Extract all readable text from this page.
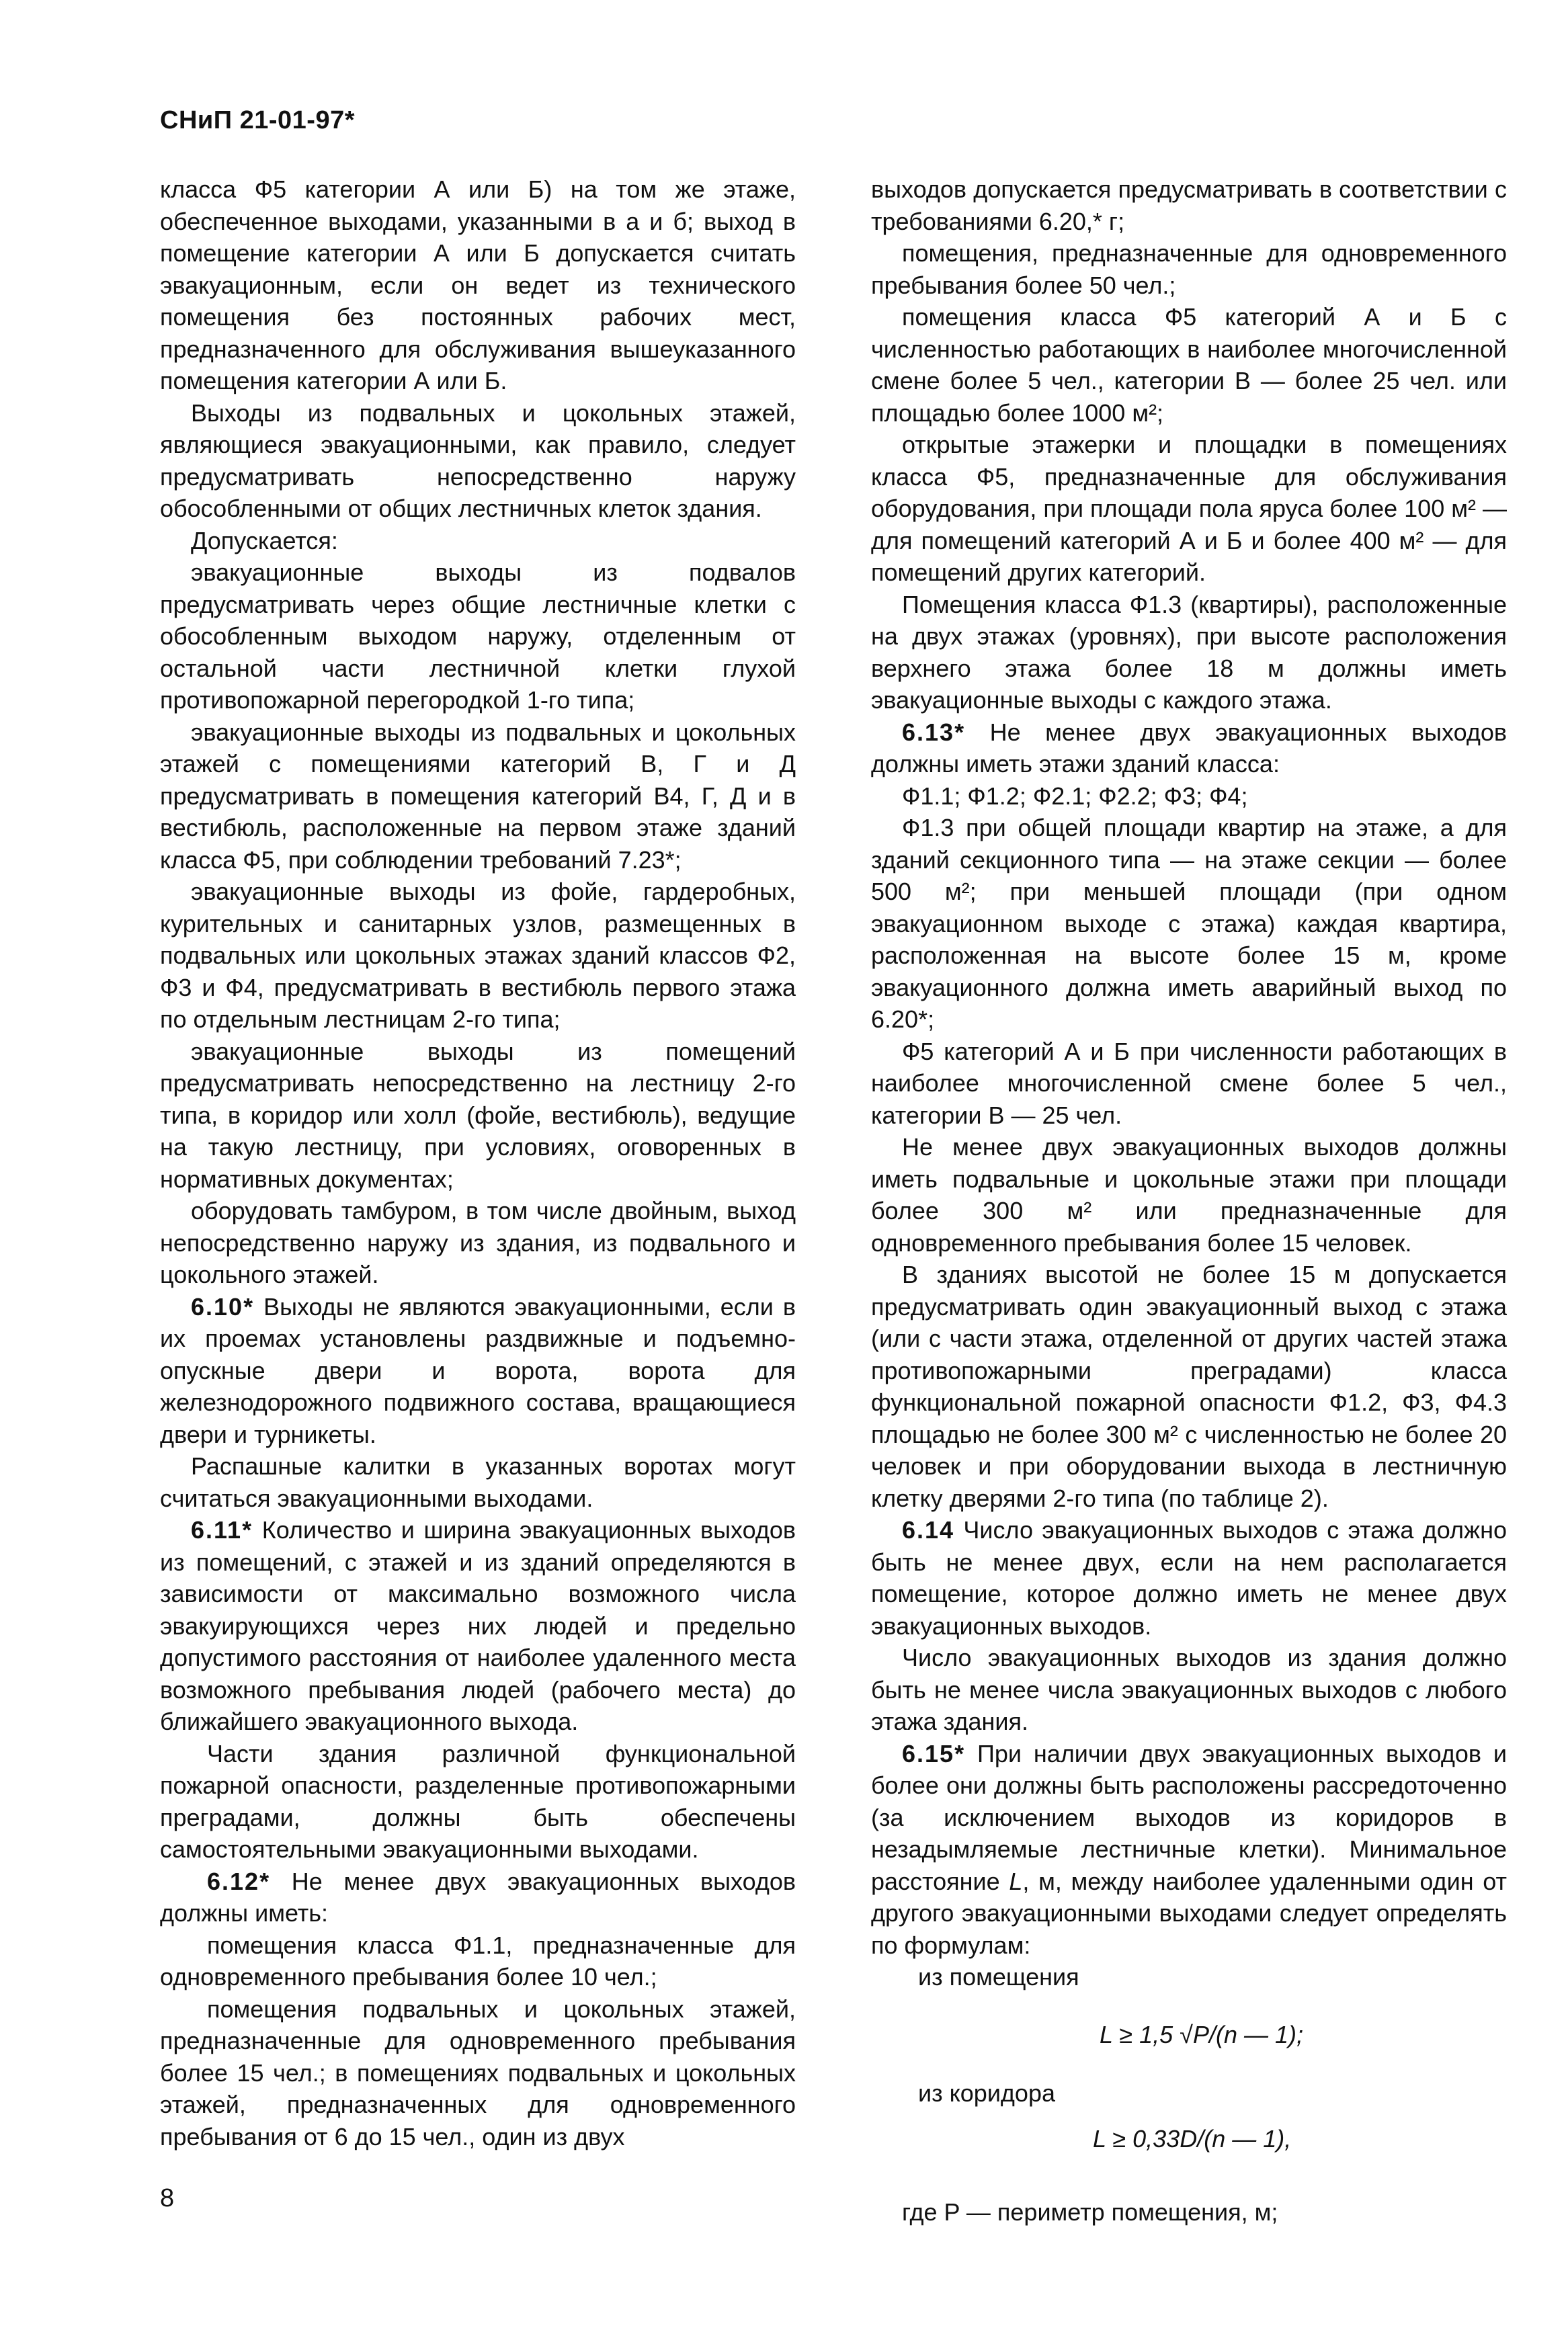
СНиП 21-01-97*

класса Ф5 категории А или Б) на том же этаже, обеспеченное выходами, указанными в а и б; выход в помещение категории А или Б допускается считать эвакуационным, если он ведет из технического помещения без постоянных рабочих мест, предназначенного для обслуживания вышеуказанного помещения категории А или Б.

Выходы из подвальных и цокольных этажей, являющиеся эвакуационными, как правило, следует предусматривать непосредственно наружу обособленными от общих лестничных клеток здания.

Допускается:

эвакуационные выходы из подвалов предусматривать через общие лестничные клетки с обособленным выходом наружу, отделенным от остальной части лестничной клетки глухой противопожарной перегородкой 1-го типа;

эвакуационные выходы из подвальных и цокольных этажей с помещениями категорий В, Г и Д предусматривать в помещения категорий В4, Г, Д и в вестибюль, расположенные на первом этаже зданий класса Ф5, при соблюдении требований 7.23*;

эвакуационные выходы из фойе, гардеробных, курительных и санитарных узлов, размещенных в подвальных или цокольных этажах зданий классов Ф2, Ф3 и Ф4, предусматривать в вестибюль первого этажа по отдельным лестницам 2-го типа;

эвакуационные выходы из помещений предусматривать непосредственно на лестницу 2-го типа, в коридор или холл (фойе, вестибюль), ведущие на такую лестницу, при условиях, оговоренных в нормативных документах;

оборудовать тамбуром, в том числе двойным, выход непосредственно наружу из здания, из подвального и цокольного этажей.

6.10* Выходы не являются эвакуационными, если в их проемах установлены раздвижные и подъемно-опускные двери и ворота, ворота для железнодорожного подвижного состава, вращающиеся двери и турникеты.

Распашные калитки в указанных воротах могут считаться эвакуационными выходами.

6.11* Количество и ширина эвакуационных выходов из помещений, с этажей и из зданий определяются в зависимости от максимально возможного числа эвакуирующихся через них людей и предельно допустимого расстояния от наиболее удаленного места возможного пребывания людей (рабочего места) до ближайшего эвакуационного выхода.

Части здания различной функциональной пожарной опасности, разделенные противопожарными преградами, должны быть обеспечены самостоятельными эвакуационными выходами.

6.12* Не менее двух эвакуационных выходов должны иметь:

помещения класса Ф1.1, предназначенные для одновременного пребывания более 10 чел.;

помещения подвальных и цокольных этажей, предназначенные для одновременного пребывания более 15 чел.; в помещениях подвальных и цокольных этажей, предназначенных для одновременного пребывания от 6 до 15 чел., один из двух

выходов допускается предусматривать в соответствии с требованиями 6.20,* г;

помещения, предназначенные для одновременного пребывания более 50 чел.;

помещения класса Ф5 категорий А и Б с численностью работающих в наиболее многочисленной смене более 5 чел., категории В — более 25 чел. или площадью более 1000 м²;

открытые этажерки и площадки в помещениях класса Ф5, предназначенные для обслуживания оборудования, при площади пола яруса более 100 м² — для помещений категорий А и Б и более 400 м² — для помещений других категорий.

Помещения класса Ф1.3 (квартиры), расположенные на двух этажах (уровнях), при высоте расположения верхнего этажа более 18 м должны иметь эвакуационные выходы с каждого этажа.

6.13* Не менее двух эвакуационных выходов должны иметь этажи зданий класса:

Ф1.1; Ф1.2; Ф2.1; Ф2.2; Ф3; Ф4;

Ф1.3 при общей площади квартир на этаже, а для зданий секционного типа — на этаже секции — более 500 м²; при меньшей площади (при одном эвакуационном выходе с этажа) каждая квартира, расположенная на высоте более 15 м, кроме эвакуационного должна иметь аварийный выход по 6.20*;

Ф5 категорий А и Б при численности работающих в наиболее многочисленной смене более 5 чел., категории В — 25 чел.

Не менее двух эвакуационных выходов должны иметь подвальные и цокольные этажи при площади более 300 м² или предназначенные для одновременного пребывания более 15 человек.

В зданиях высотой не более 15 м допускается предусматривать один эвакуационный выход с этажа (или с части этажа, отделенной от других частей этажа противопожарными преградами) класса функциональной пожарной опасности Ф1.2, Ф3, Ф4.3 площадью не более 300 м² с численностью не более 20 человек и при оборудовании выхода в лестничную клетку дверями 2-го типа (по таблице 2).

6.14 Число эвакуационных выходов с этажа должно быть не менее двух, если на нем располагается помещение, которое должно иметь не менее двух эвакуационных выходов.

Число эвакуационных выходов из здания должно быть не менее числа эвакуационных выходов с любого этажа здания.

6.15* При наличии двух эвакуационных выходов и более они должны быть расположены рассредоточенно (за исключением выходов из коридоров в незадымляемые лестничные клетки). Минимальное расстояние L, м, между наиболее удаленными один от другого эвакуационными выходами следует определять по формулам:

из помещения

L ≥ 1,5 √P/(n — 1);

из коридора

L ≥ 0,33D/(n — 1),

где P — периметр помещения, м;

8
